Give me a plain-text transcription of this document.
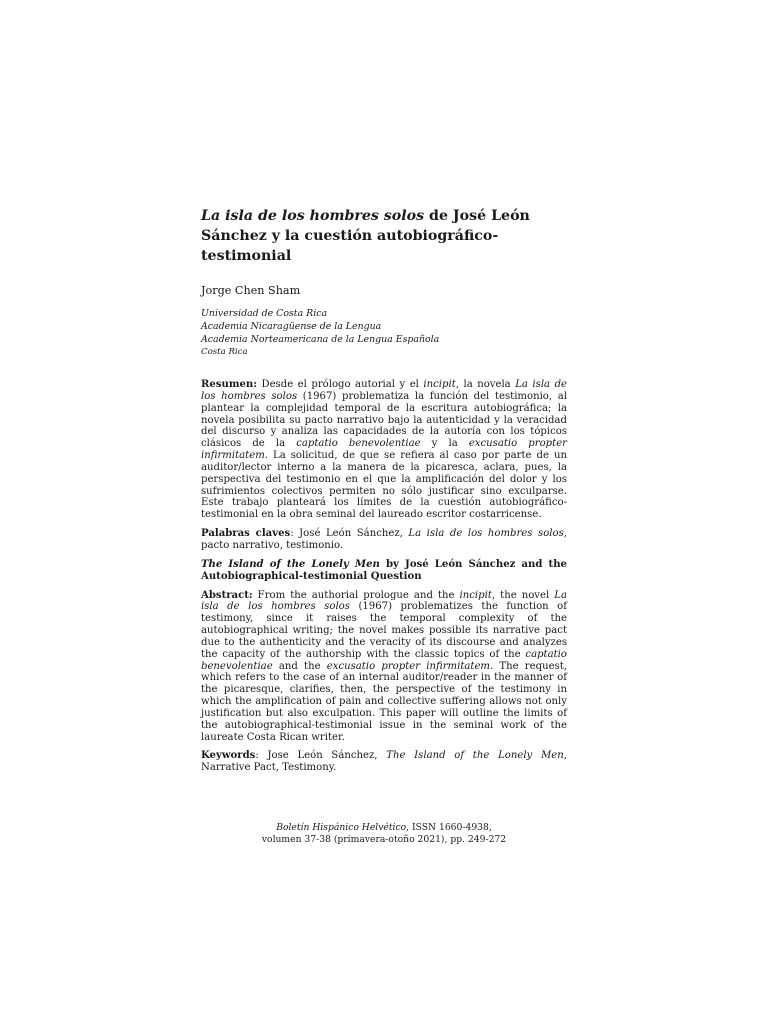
La isla de los hombres solos de José León Sánchez y la cuestión autobiográfico-testimonial
Jorge Chen Sham
Universidad de Costa Rica
Academia Nicaragüense de la Lengua
Academia Norteamericana de la Lengua Española
Costa Rica

Resumen: Desde el prólogo autorial y el incipit, la novela La isla de los hombres solos (1967) problematiza la función del testimonio, al plantear la complejidad temporal de la escritura autobiográfica; la novela posibilita su pacto narrativo bajo la autenticidad y la veracidad del discurso y analiza las capacidades de la autoría con los tópicos clásicos de la captatio benevolentiae y la excusatio propter infirmitatem. La solicitud, de que se refiera al caso por parte de un auditor/lector interno a la manera de la picaresca, aclara, pues, la perspectiva del testimonio en el que la amplificación del dolor y los sufrimientos colectivos permiten no sólo justificar sino exculparse. Este trabajo planteará los límites de la cuestión autobiográfico-testimonial en la obra seminal del laureado escritor costarricense.

Palabras claves: José León Sánchez, La isla de los hombres solos, pacto narrativo, testimonio.

The Island of the Lonely Men by José León Sánchez and the Autobiographical-testimonial Question

Abstract: From the authorial prologue and the incipit, the novel La isla de los hombres solos (1967) problematizes the function of testimony, since it raises the temporal complexity of the autobiographical writing; the novel makes possible its narrative pact due to the authenticity and the veracity of its discourse and analyzes the capacity of the authorship with the classic topics of the captatio benevolentiae and the excusatio propter infirmitatem. The request, which refers to the case of an internal auditor/reader in the manner of the picaresque, clarifies, then, the perspective of the testimony in which the amplification of pain and collective suffering allows not only justification but also exculpation. This paper will outline the limits of the autobiographical-testimonial issue in the seminal work of the laureate Costa Rican writer.

Keywords: Jose León Sánchez, The Island of the Lonely Men, Narrative Pact, Testimony.

Boletín Hispánico Helvético, ISSN 1660-4938,
volumen 37-38 (primavera-otoño 2021), pp. 249-272
